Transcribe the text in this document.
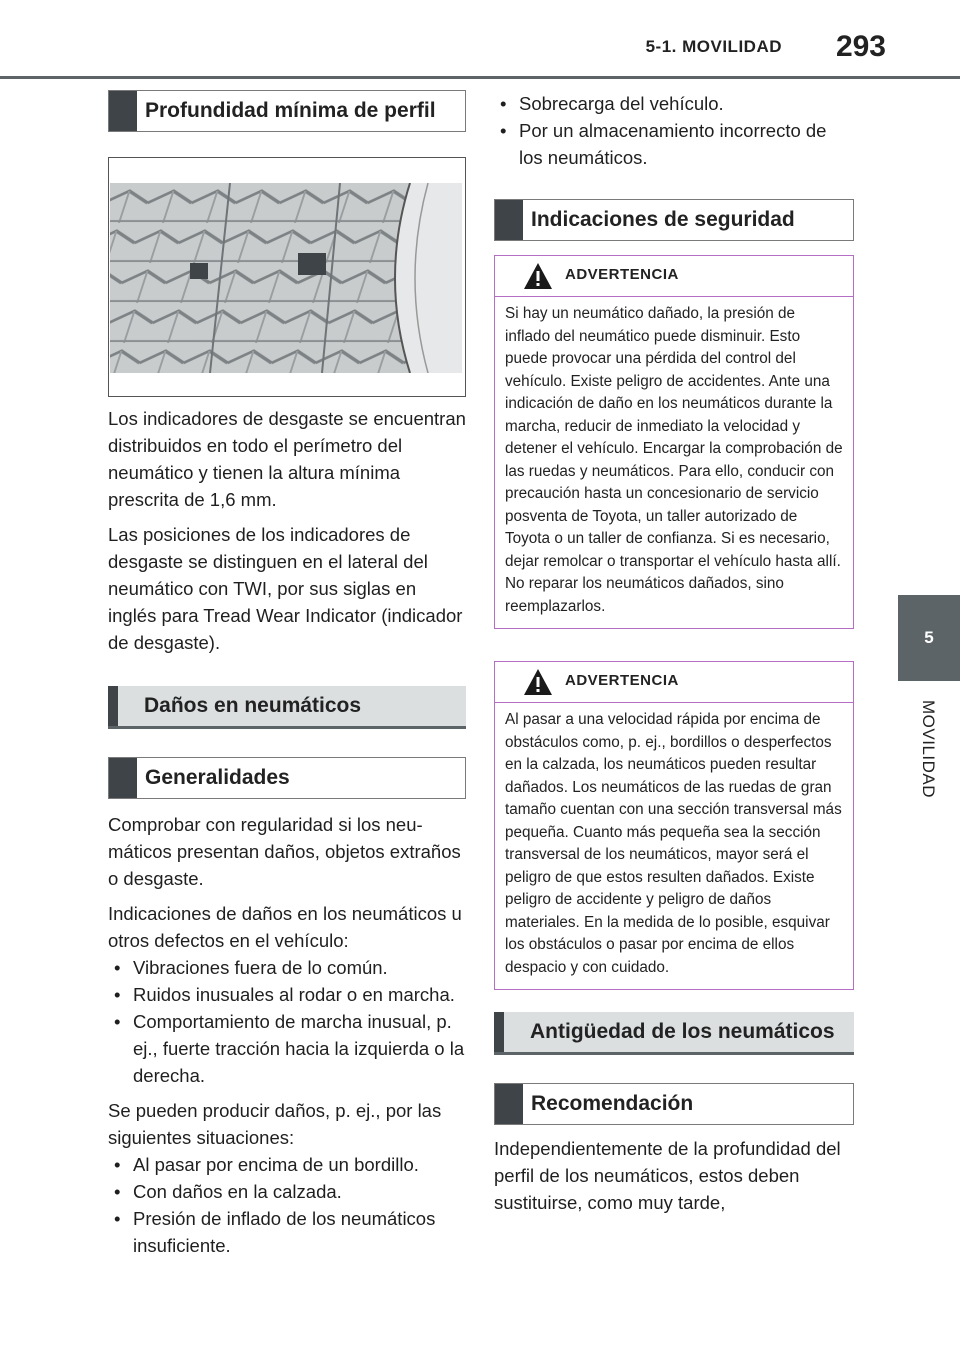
5-1. MOVILIDAD 293
5
MOVILIDAD
Profundidad mínima de perfil

Los indicadores de desgaste se encuentran distribuidos en todo el perímetro del neumático y tienen la altura mínima prescrita de 1,6 mm.

Las posiciones de los indicadores de desgaste se distinguen en el lateral del neumático con TWI, por sus siglas en inglés para Tread Wear Indicator (indicador de desgaste).

Daños en neumáticos
Generalidades

Comprobar con regularidad si los neumáticos presentan daños, objetos extraños o desgaste.

Indicaciones de daños en los neumáticos u otros defectos en el vehículo:

• Vibraciones fuera de lo común.
• Ruidos inusuales al rodar o en marcha.
• Comportamiento de marcha inusual, p. ej., fuerte tracción hacia la izquierda o la derecha.

Se pueden producir daños, p. ej., por las siguientes situaciones:

• Al pasar por encima de un bordillo.
• Con daños en la calzada.
• Presión de inflado de los neumáticos insuficiente.
• Sobrecarga del vehículo.
• Por un almacenamiento incorrecto de los neumáticos.
Indicaciones de seguridad
ADVERTENCIA
Si hay un neumático dañado, la presión de inflado del neumático puede disminuir. Esto puede provocar una pérdida del control del vehículo. Existe peligro de accidentes. Ante una indicación de daño en los neumáticos durante la marcha, reducir de inmediato la velocidad y detener el vehículo. Encargar la comprobación de las ruedas y neumáticos. Para ello, conducir con precaución hasta un concesionario de servicio posventa de Toyota, un taller autorizado de Toyota o un taller de confianza. Si es necesario, dejar remolcar o transportar el vehículo hasta allí. No reparar los neumáticos dañados, sino reemplazarlos.
ADVERTENCIA
Al pasar a una velocidad rápida por encima de obstáculos como, p. ej., bordillos o desperfectos en la calzada, los neumáticos pueden resultar dañados. Los neumáticos de las ruedas de gran tamaño cuentan con una sección transversal más pequeña. Cuanto más pequeña sea la sección transversal de los neumáticos, mayor será el peligro de que estos resulten dañados. Existe peligro de accidente y peligro de daños materiales. En la medida de lo posible, esquivar los obstáculos o pasar por encima de ellos despacio y con cuidado.
Antigüedad de los neumáticos
Recomendación

Independientemente de la profundidad del perfil de los neumáticos, estos deben sustituirse, como muy tarde,
